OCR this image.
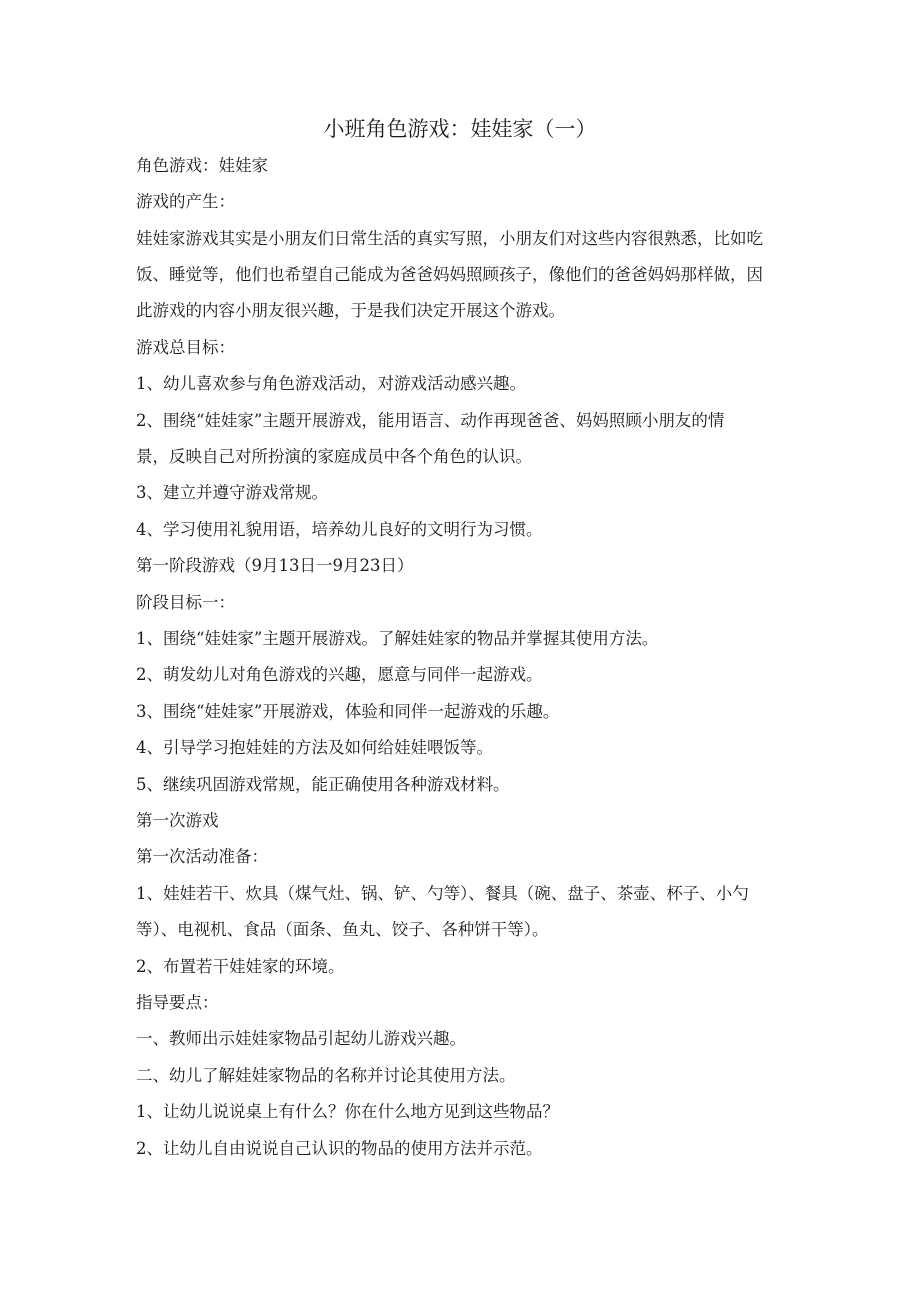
小班角色游戏：娃娃家（一）
角色游戏：娃娃家
游戏的产生：
娃娃家游戏其实是小朋友们日常生活的真实写照，小朋友们对这些内容很熟悉，比如吃
饭、睡觉等，他们也希望自己能成为爸爸妈妈照顾孩子，像他们的爸爸妈妈那样做，因
此游戏的内容小朋友很兴趣，于是我们决定开展这个游戏。
游戏总目标：
1、幼儿喜欢参与角色游戏活动，对游戏活动感兴趣。
2、围绕“娃娃家”主题开展游戏，能用语言、动作再现爸爸、妈妈照顾小朋友的情
景，反映自己对所扮演的家庭成员中各个角色的认识。
3、建立并遵守游戏常规。
4、学习使用礼貌用语，培养幼儿良好的文明行为习惯。
第一阶段游戏（9月13日一9月23日）
阶段目标一：
1、围绕“娃娃家”主题开展游戏。了解娃娃家的物品并掌握其使用方法。
2、萌发幼儿对角色游戏的兴趣，愿意与同伴一起游戏。
3、围绕“娃娃家”开展游戏，体验和同伴一起游戏的乐趣。
4、引导学习抱娃娃的方法及如何给娃娃喂饭等。
5、继续巩固游戏常规，能正确使用各种游戏材料。
第一次游戏
第一次活动准备：
1、娃娃若干、炊具（煤气灶、锅、铲、勺等）、餐具（碗、盘子、茶壶、杯子、小勺
等）、电视机、食品（面条、鱼丸、饺子、各种饼干等）。
2、布置若干娃娃家的环境。
指导要点：
一、教师出示娃娃家物品引起幼儿游戏兴趣。
二、幼儿了解娃娃家物品的名称并讨论其使用方法。
1、让幼儿说说桌上有什么？你在什么地方见到这些物品？
2、让幼儿自由说说自己认识的物品的使用方法并示范。
